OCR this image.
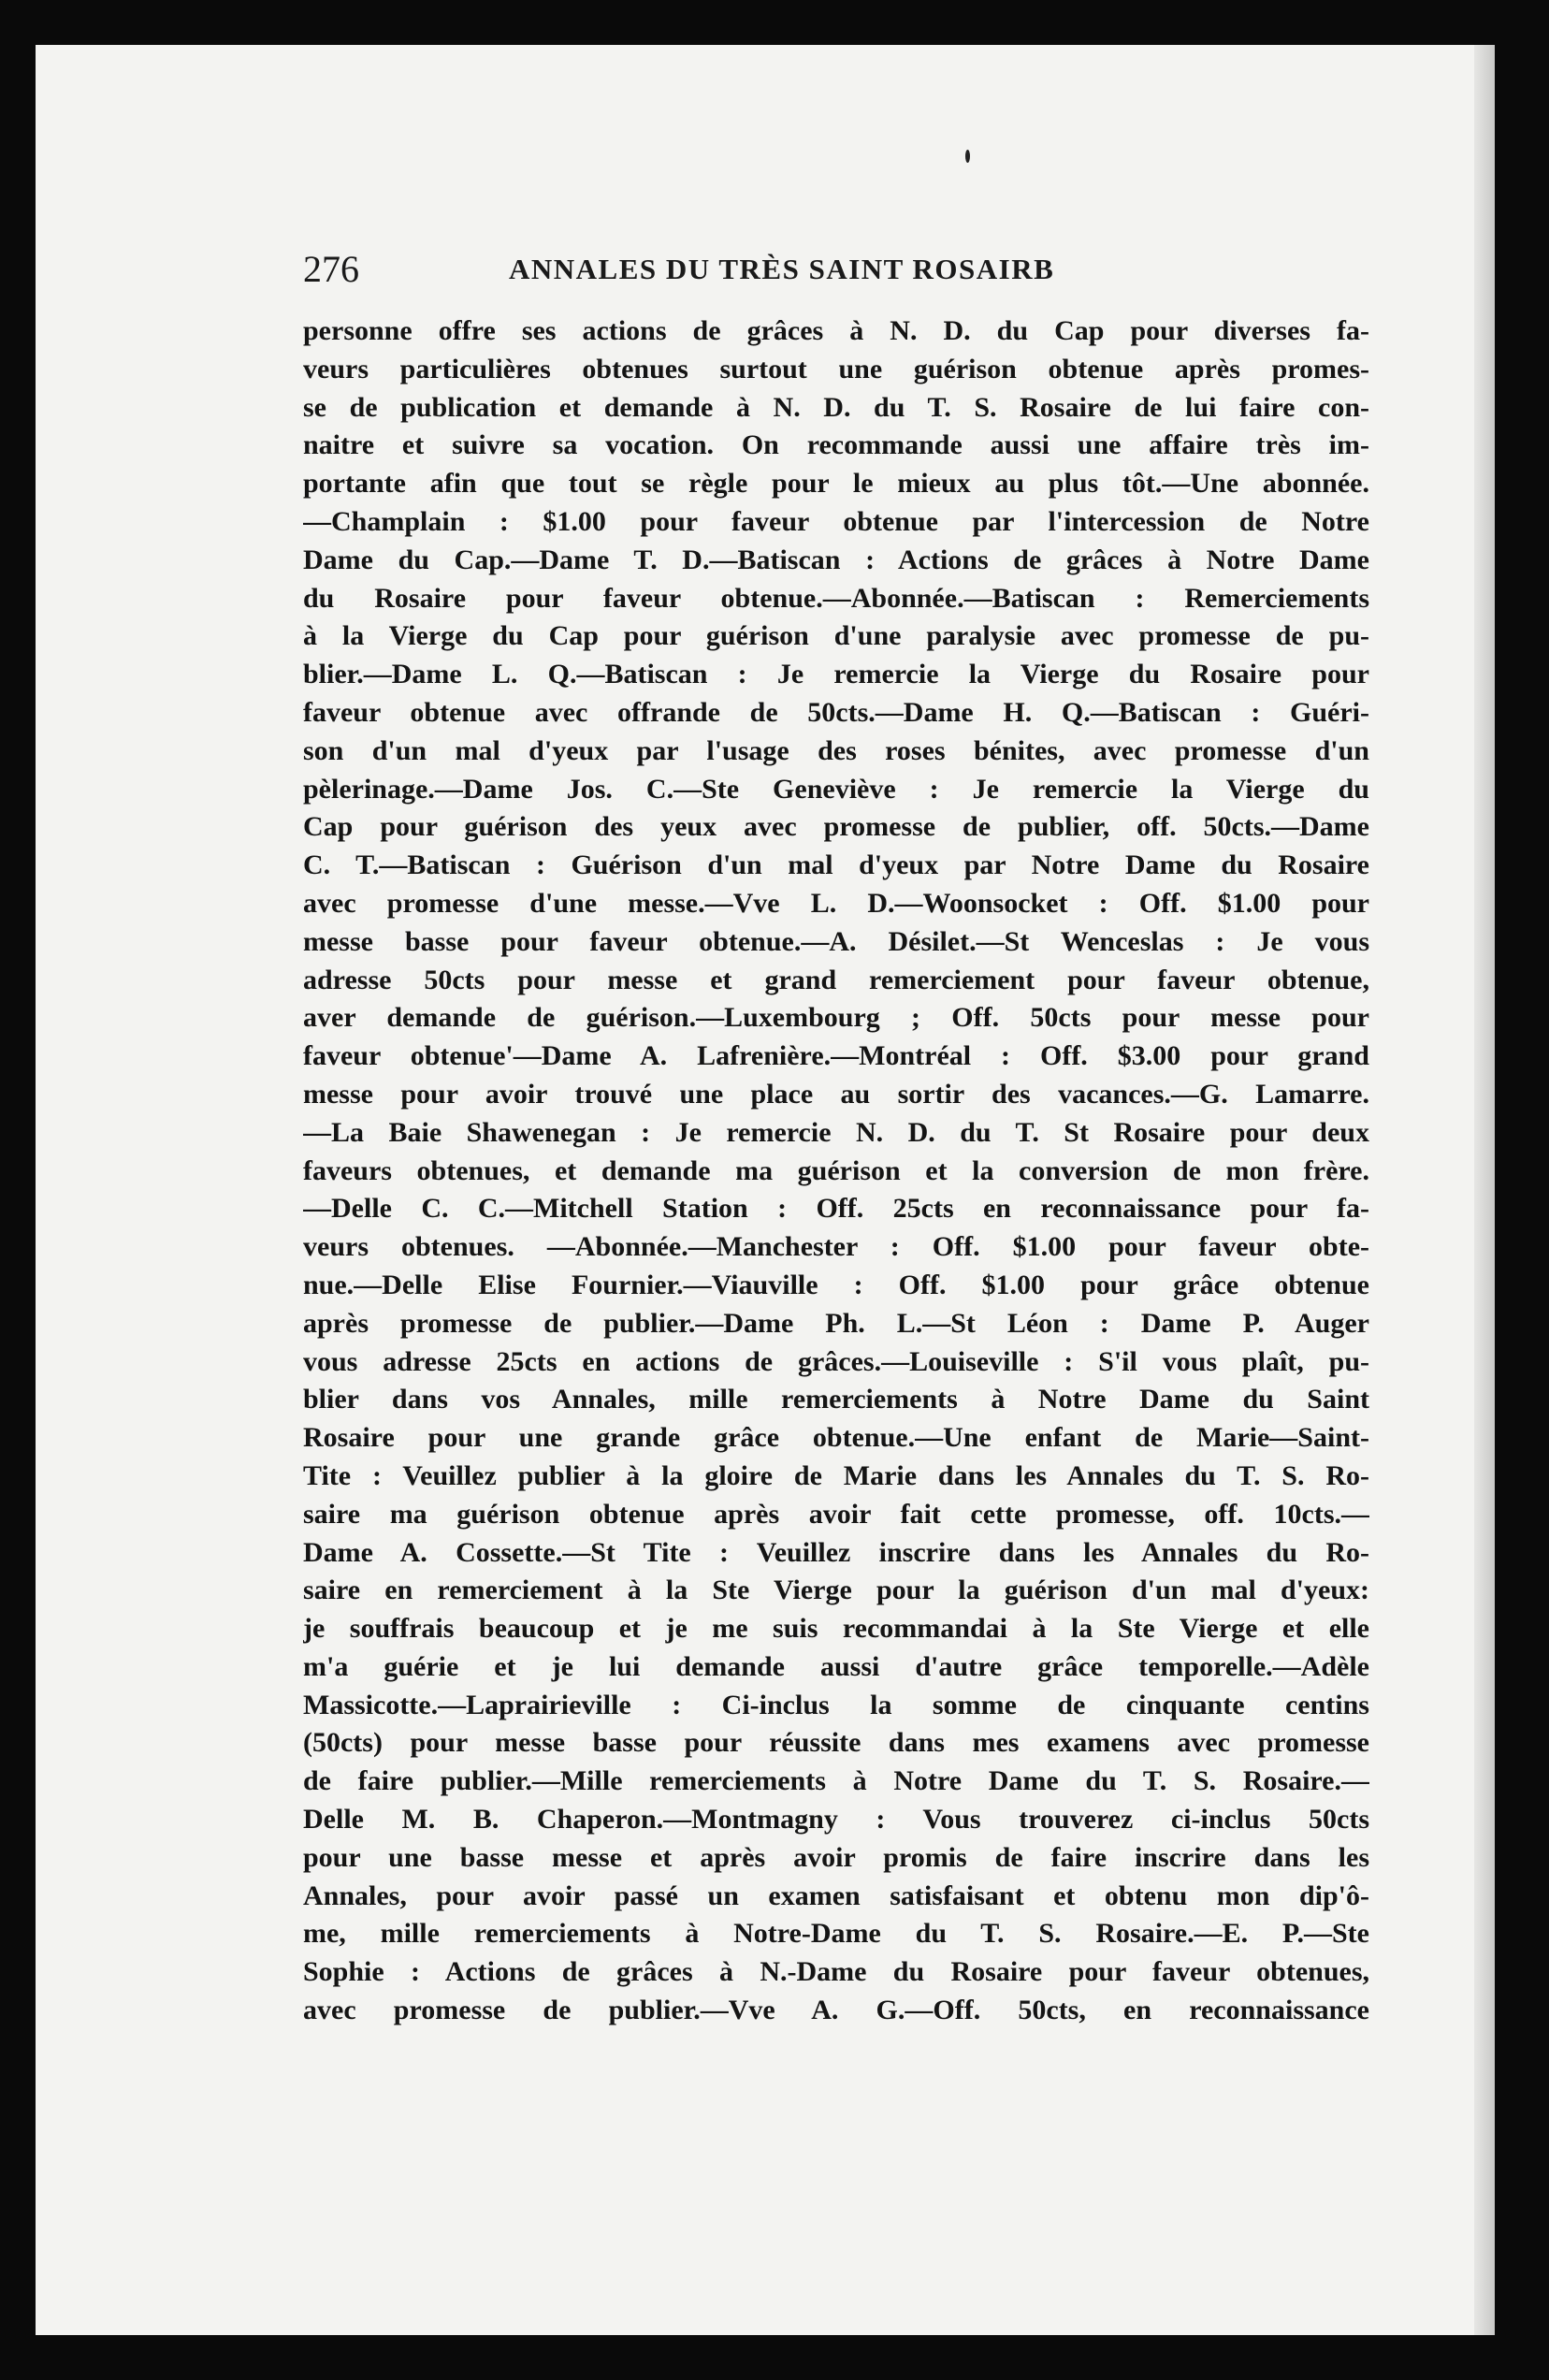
276	ANNALES DU TRÈS SAINT ROSAIRB
personne offre ses actions de grâces à N. D. du Cap pour diverses fa-
veurs particulières obtenues surtout une guérison obtenue après promes-
se de publication et demande à N. D. du T. S. Rosaire de lui faire con-
naitre et suivre sa vocation. On recommande aussi une affaire très im-
portante afin que tout se règle pour le mieux au plus tôt.—Une abonnée.
—Champlain : $1.00 pour faveur obtenue par l'intercession de Notre
Dame du Cap.—Dame T. D.—Batiscan : Actions de grâces à Notre Dame
du Rosaire pour faveur obtenue.—Abonnée.—Batiscan : Remerciements
à la Vierge du Cap pour guérison d'une paralysie avec promesse de pu-
blier.—Dame L. Q.—Batiscan : Je remercie la Vierge du Rosaire pour
faveur obtenue avec offrande de 50cts.—Dame H. Q.—Batiscan : Guéri-
son d'un mal d'yeux par l'usage des roses bénites, avec promesse d'un
pèlerinage.—Dame Jos. C.—Ste Geneviève : Je remercie la Vierge du
Cap pour guérison des yeux avec promesse de publier, off. 50cts.—Dame
C. T.—Batiscan : Guérison d'un mal d'yeux par Notre Dame du Rosaire
avec promesse d'une messe.—Vve L. D.—Woonsocket : Off. $1.00 pour
messe basse pour faveur obtenue.—A. Désilet.—St Wenceslas : Je vous
adresse 50cts pour messe et grand remerciement pour faveur obtenue,
aver demande de guérison.—Luxembourg ; Off. 50cts pour messe pour
faveur obtenue'—Dame A. Lafrenière.—Montréal : Off. $3.00 pour grand
messe pour avoir trouvé une place au sortir des vacances.—G. Lamarre.
—La Baie Shawenegan : Je remercie N. D. du T. St Rosaire pour deux
faveurs obtenues, et demande ma guérison et la conversion de mon frère.
—Delle C. C.—Mitchell Station : Off. 25cts en reconnaissance pour fa-
veurs obtenues. —Abonnée.—Manchester : Off. $1.00 pour faveur obte-
nue.—Delle Elise Fournier.—Viauville : Off. $1.00 pour grâce obtenue
après promesse de publier.—Dame Ph. L.—St Léon : Dame P. Auger
vous adresse 25cts en actions de grâces.—Louiseville : S'il vous plaît, pu-
blier dans vos Annales, mille remerciements à Notre Dame du Saint
Rosaire pour une grande grâce obtenue.—Une enfant de Marie—Saint-
Tite : Veuillez publier à la gloire de Marie dans les Annales du T. S. Ro-
saire ma guérison obtenue après avoir fait cette promesse, off. 10cts.—
Dame A. Cossette.—St Tite : Veuillez inscrire dans les Annales du Ro-
saire en remerciement à la Ste Vierge pour la guérison d'un mal d'yeux:
je souffrais beaucoup et je me suis recommandai à la Ste Vierge et elle
m'a guérie et je lui demande aussi d'autre grâce temporelle.—Adèle
Massicotte.—Laprairieville : Ci-inclus la somme de cinquante centins
(50cts) pour messe basse pour réussite dans mes examens avec promesse
de faire publier.—Mille remerciements à Notre Dame du T. S. Rosaire.—
Delle M. B. Chaperon.—Montmagny : Vous trouverez ci-inclus 50cts
pour une basse messe et après avoir promis de faire inscrire dans les
Annales, pour avoir passé un examen satisfaisant et obtenu mon dip'ô-
me, mille remerciements à Notre-Dame du T. S. Rosaire.—E. P.—Ste
Sophie : Actions de grâces à N.-Dame du Rosaire pour faveur obtenues,
avec promesse de publier.—Vve A. G.—Off. 50cts, en reconnaissance
